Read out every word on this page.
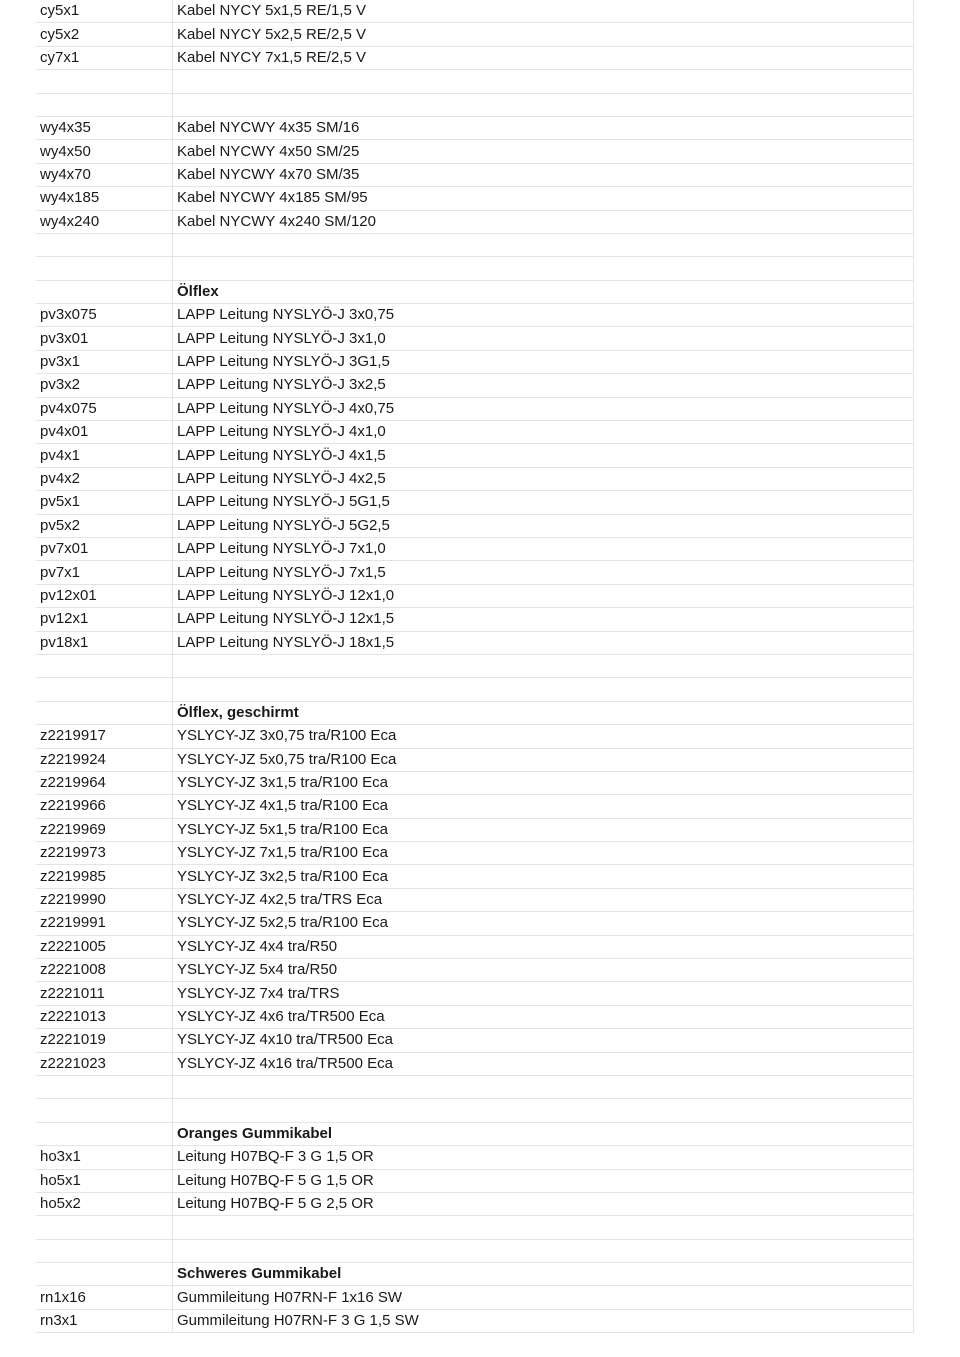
cy5x1	Kabel NYCY 5x1,5 RE/1,5 V
cy5x2	Kabel NYCY 5x2,5 RE/2,5 V
cy7x1	Kabel NYCY 7x1,5 RE/2,5 V

wy4x35	Kabel NYCWY 4x35 SM/16
wy4x50	Kabel NYCWY 4x50 SM/25
wy4x70	Kabel NYCWY 4x70 SM/35
wy4x185	Kabel NYCWY 4x185 SM/95
wy4x240	Kabel NYCWY 4x240 SM/120

	Ölflex
pv3x075	LAPP Leitung NYSLYÖ-J 3x0,75
pv3x01	LAPP Leitung NYSLYÖ-J 3x1,0
pv3x1	LAPP Leitung NYSLYÖ-J 3G1,5
pv3x2	LAPP Leitung NYSLYÖ-J 3x2,5
pv4x075	LAPP Leitung NYSLYÖ-J 4x0,75
pv4x01	LAPP Leitung NYSLYÖ-J 4x1,0
pv4x1	LAPP Leitung NYSLYÖ-J 4x1,5
pv4x2	LAPP Leitung NYSLYÖ-J 4x2,5
pv5x1	LAPP Leitung NYSLYÖ-J 5G1,5
pv5x2	LAPP Leitung NYSLYÖ-J 5G2,5
pv7x01	LAPP Leitung NYSLYÖ-J 7x1,0
pv7x1	LAPP Leitung NYSLYÖ-J 7x1,5
pv12x01	LAPP Leitung NYSLYÖ-J 12x1,0
pv12x1	LAPP Leitung NYSLYÖ-J 12x1,5
pv18x1	LAPP Leitung NYSLYÖ-J 18x1,5

	Ölflex, geschirmt
z2219917	YSLYCY-JZ 3x0,75 tra/R100 Eca
z2219924	YSLYCY-JZ 5x0,75 tra/R100 Eca
z2219964	YSLYCY-JZ 3x1,5 tra/R100 Eca
z2219966	YSLYCY-JZ 4x1,5 tra/R100 Eca
z2219969	YSLYCY-JZ 5x1,5 tra/R100 Eca
z2219973	YSLYCY-JZ 7x1,5 tra/R100 Eca
z2219985	YSLYCY-JZ 3x2,5 tra/R100 Eca
z2219990	YSLYCY-JZ 4x2,5 tra/TRS Eca
z2219991	YSLYCY-JZ 5x2,5 tra/R100 Eca
z2221005	YSLYCY-JZ 4x4 tra/R50
z2221008	YSLYCY-JZ 5x4 tra/R50
z2221011	YSLYCY-JZ 7x4 tra/TRS
z2221013	YSLYCY-JZ 4x6 tra/TR500 Eca
z2221019	YSLYCY-JZ 4x10 tra/TR500 Eca
z2221023	YSLYCY-JZ 4x16 tra/TR500 Eca

	Oranges Gummikabel
ho3x1	Leitung H07BQ-F 3 G 1,5 OR
ho5x1	Leitung H07BQ-F 5 G 1,5 OR
ho5x2	Leitung H07BQ-F 5 G 2,5 OR

	Schweres Gummikabel
rn1x16	Gummileitung H07RN-F 1x16 SW
rn3x1	Gummileitung H07RN-F 3 G 1,5 SW
